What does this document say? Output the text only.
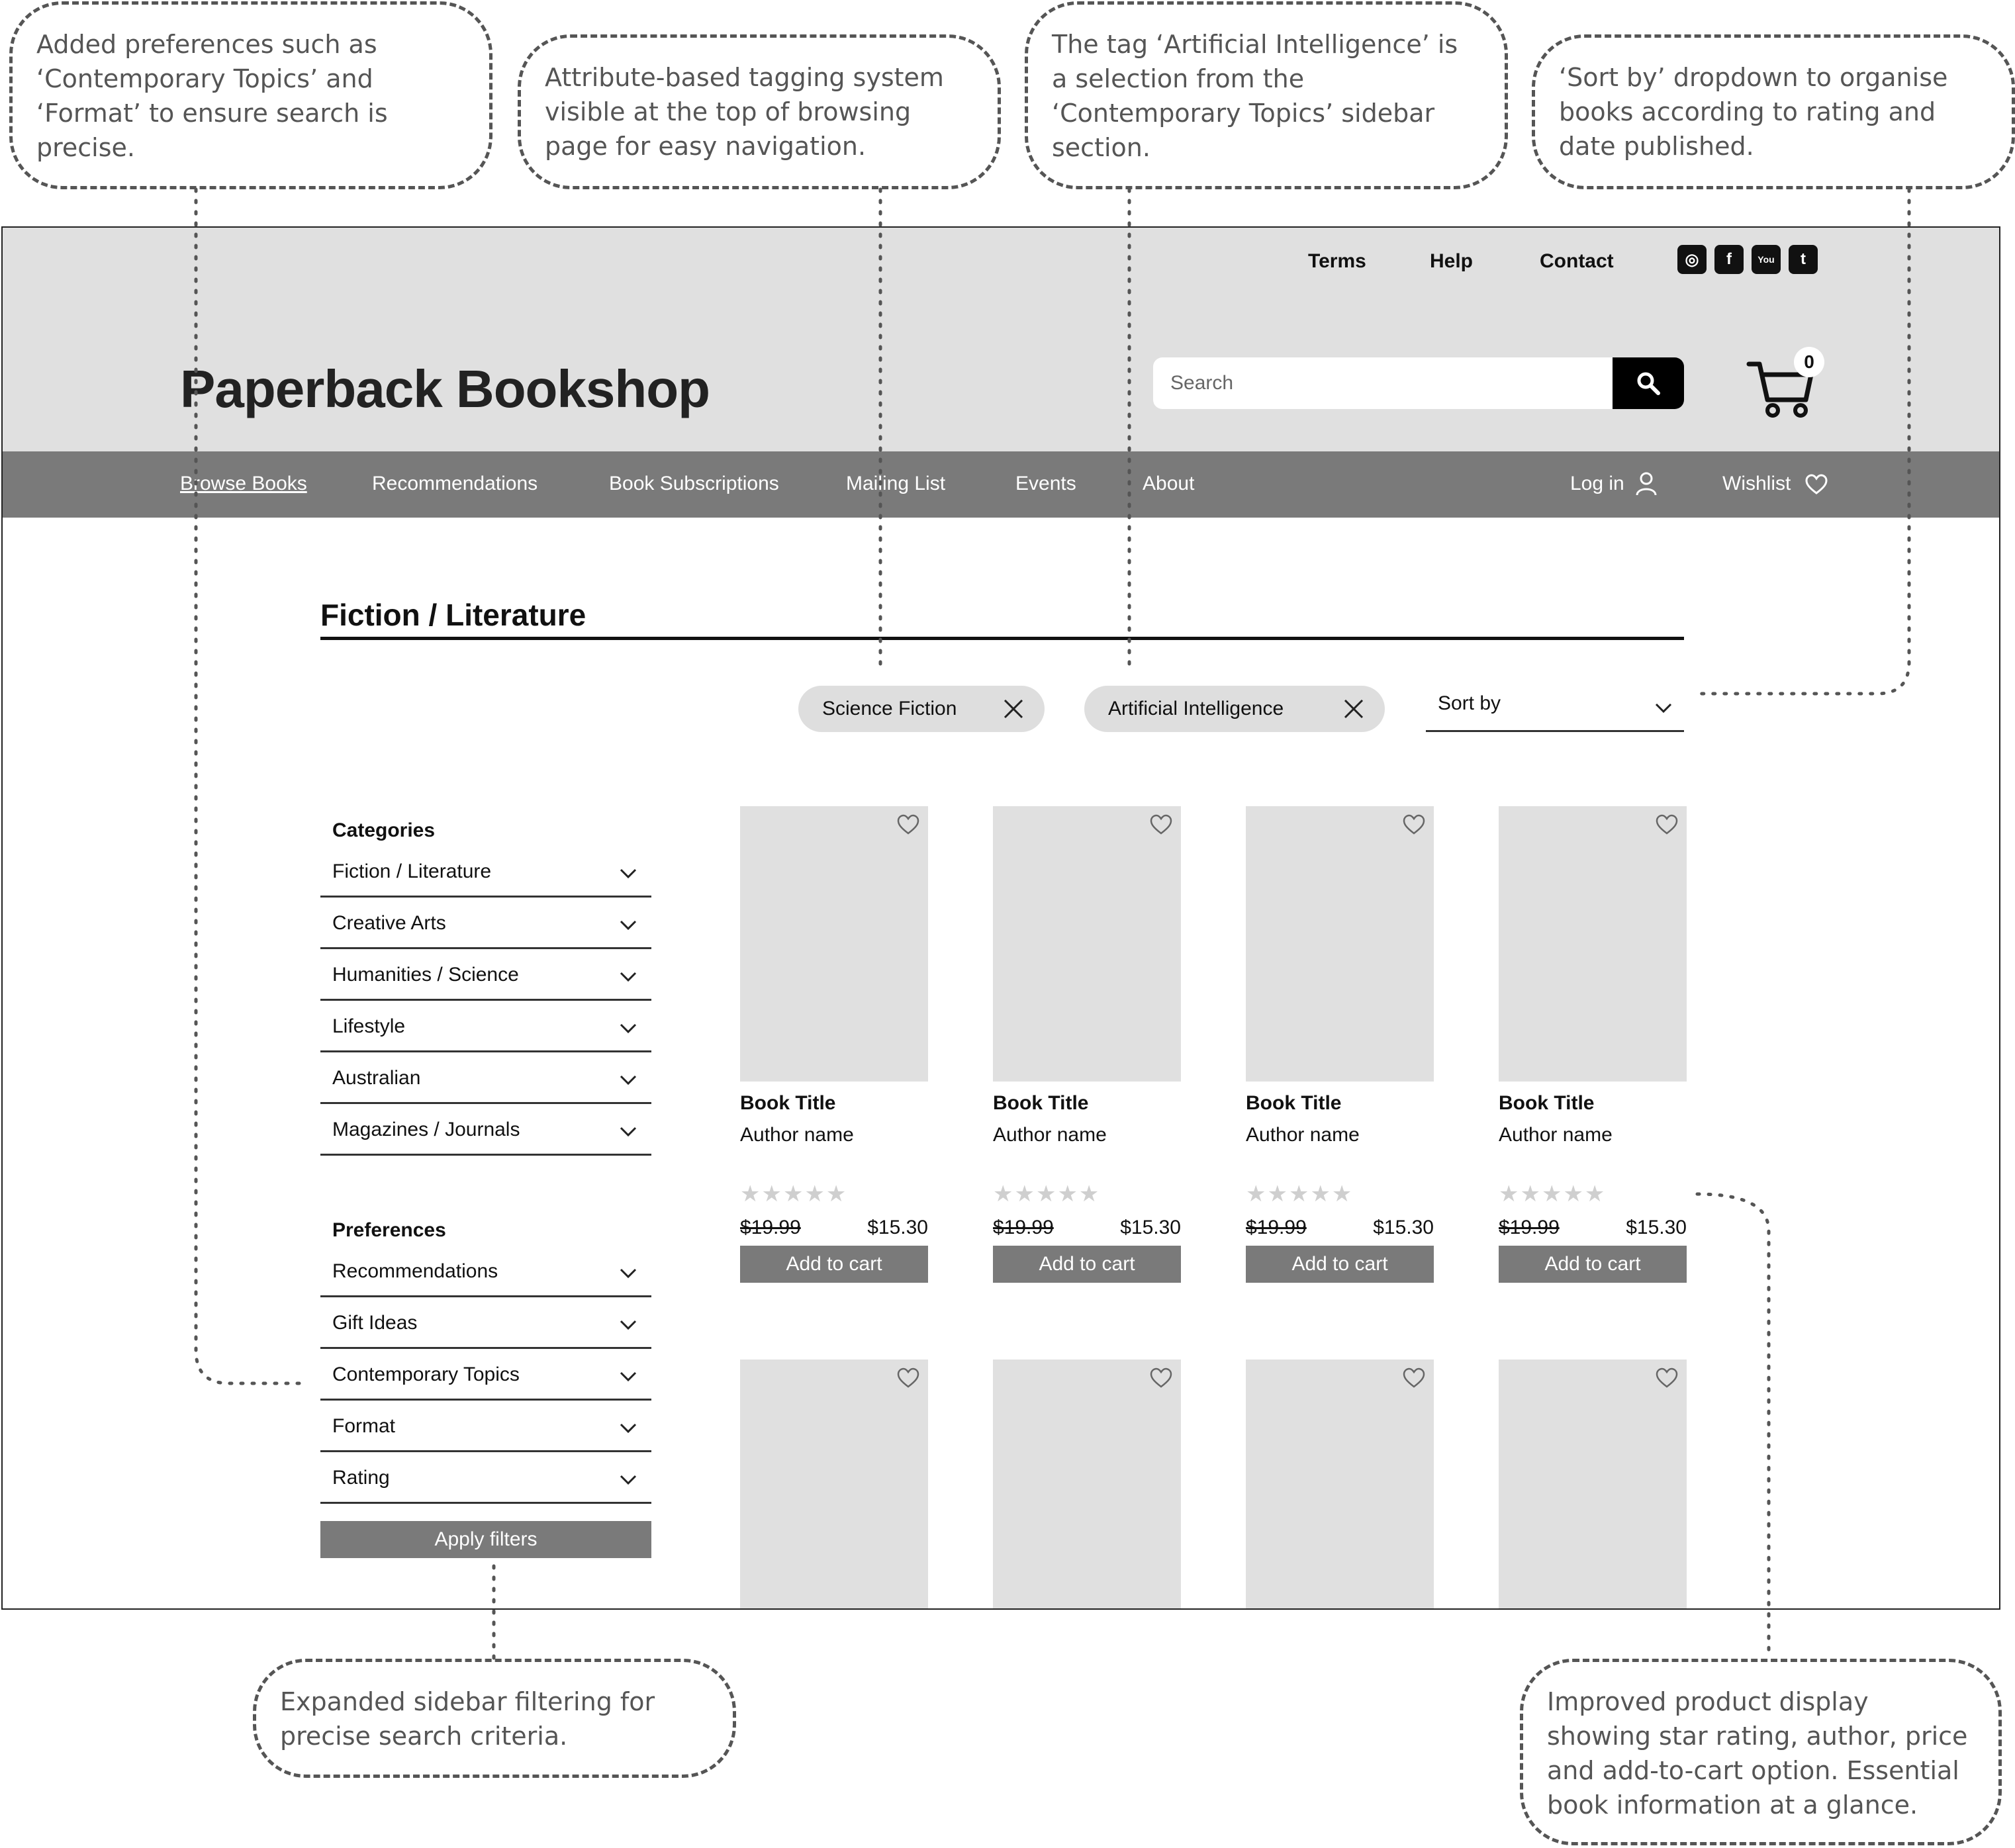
Added preferences such as ‘Contemporary Topics’ and ‘Format’ to ensure search is precise.
Attribute-based tagging system visible at the top of browsing page for easy navigation.
The tag ‘Artificial Intelligence’ is a selection from the ‘Contemporary Topics’ sidebar section.
‘Sort by’ dropdown to organise books according to rating and date published.
Expanded sidebar filtering for precise search criteria.
Improved product display showing star rating, author, price and add-to-cart option. Essential book information at a glance.
Terms	Help	Contact	◎	f	You	t
Paperback Bookshop
Search	0
Browse Books	Recommendations	Book Subscriptions	Mailing List	Events	About	Log in	Wishlist
Fiction / Literature
Science Fiction	Artificial Intelligence	Sort by
Categories
Fiction / Literature
Creative Arts
Humanities / Science
Lifestyle
Australian
Magazines / Journals
Preferences
Recommendations
Gift Ideas
Contemporary Topics
Format
Rating
Apply filters
Book Title
Author name
★★★★★
$19.99	$15.30
Add to cart
Book Title
Author name
★★★★★
$19.99	$15.30
Add to cart
Book Title
Author name
★★★★★
$19.99	$15.30
Add to cart
Book Title
Author name
★★★★★
$19.99	$15.30
Add to cart
